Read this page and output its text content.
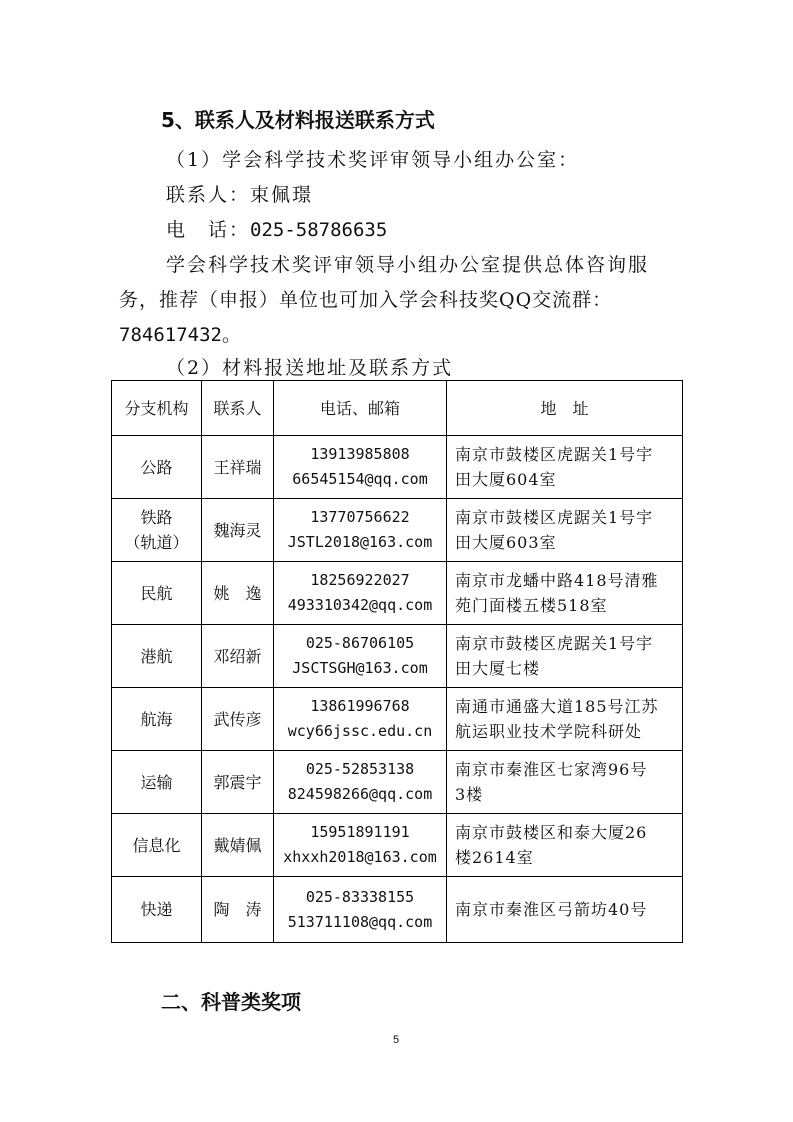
5、联系人及材料报送联系方式
（1）学会科学技术奖评审领导小组办公室：
联系人：束佩璟
电　话：025-58786635
学会科学技术奖评审领导小组办公室提供总体咨询服
务，推荐（申报）单位也可加入学会科技奖QQ交流群：
784617432。
（2）材料报送地址及联系方式
分支机构	联系人	电话、邮箱	地　址

公路	王祥瑞	13913985808
66545154@qq.com	南京市鼓楼区虎踞关1号宇
田大厦604室

铁路
（轨道）	魏海灵	13770756622
JSTL2018@163.com	南京市鼓楼区虎踞关1号宇
田大厦603室

民航	姚　逸	18256922027
493310342@qq.com	南京市龙蟠中路418号清雅
苑门面楼五楼518室

港航	邓绍新	025-86706105
JSCTSGH@163.com	南京市鼓楼区虎踞关1号宇
田大厦七楼

航海	武传彦	13861996768
wcy66jssc.edu.cn	南通市通盛大道185号江苏
航运职业技术学院科研处

运输	郭震宇	025-52853138
824598266@qq.com	南京市秦淮区七家湾96号
3楼

信息化	戴婧佩	15951891191
xhxxh2018@163.com	南京市鼓楼区和泰大厦26
楼2614室

快递	陶　涛	025-83338155
513711108@qq.com	南京市秦淮区弓箭坊40号
二、科普类奖项
5
